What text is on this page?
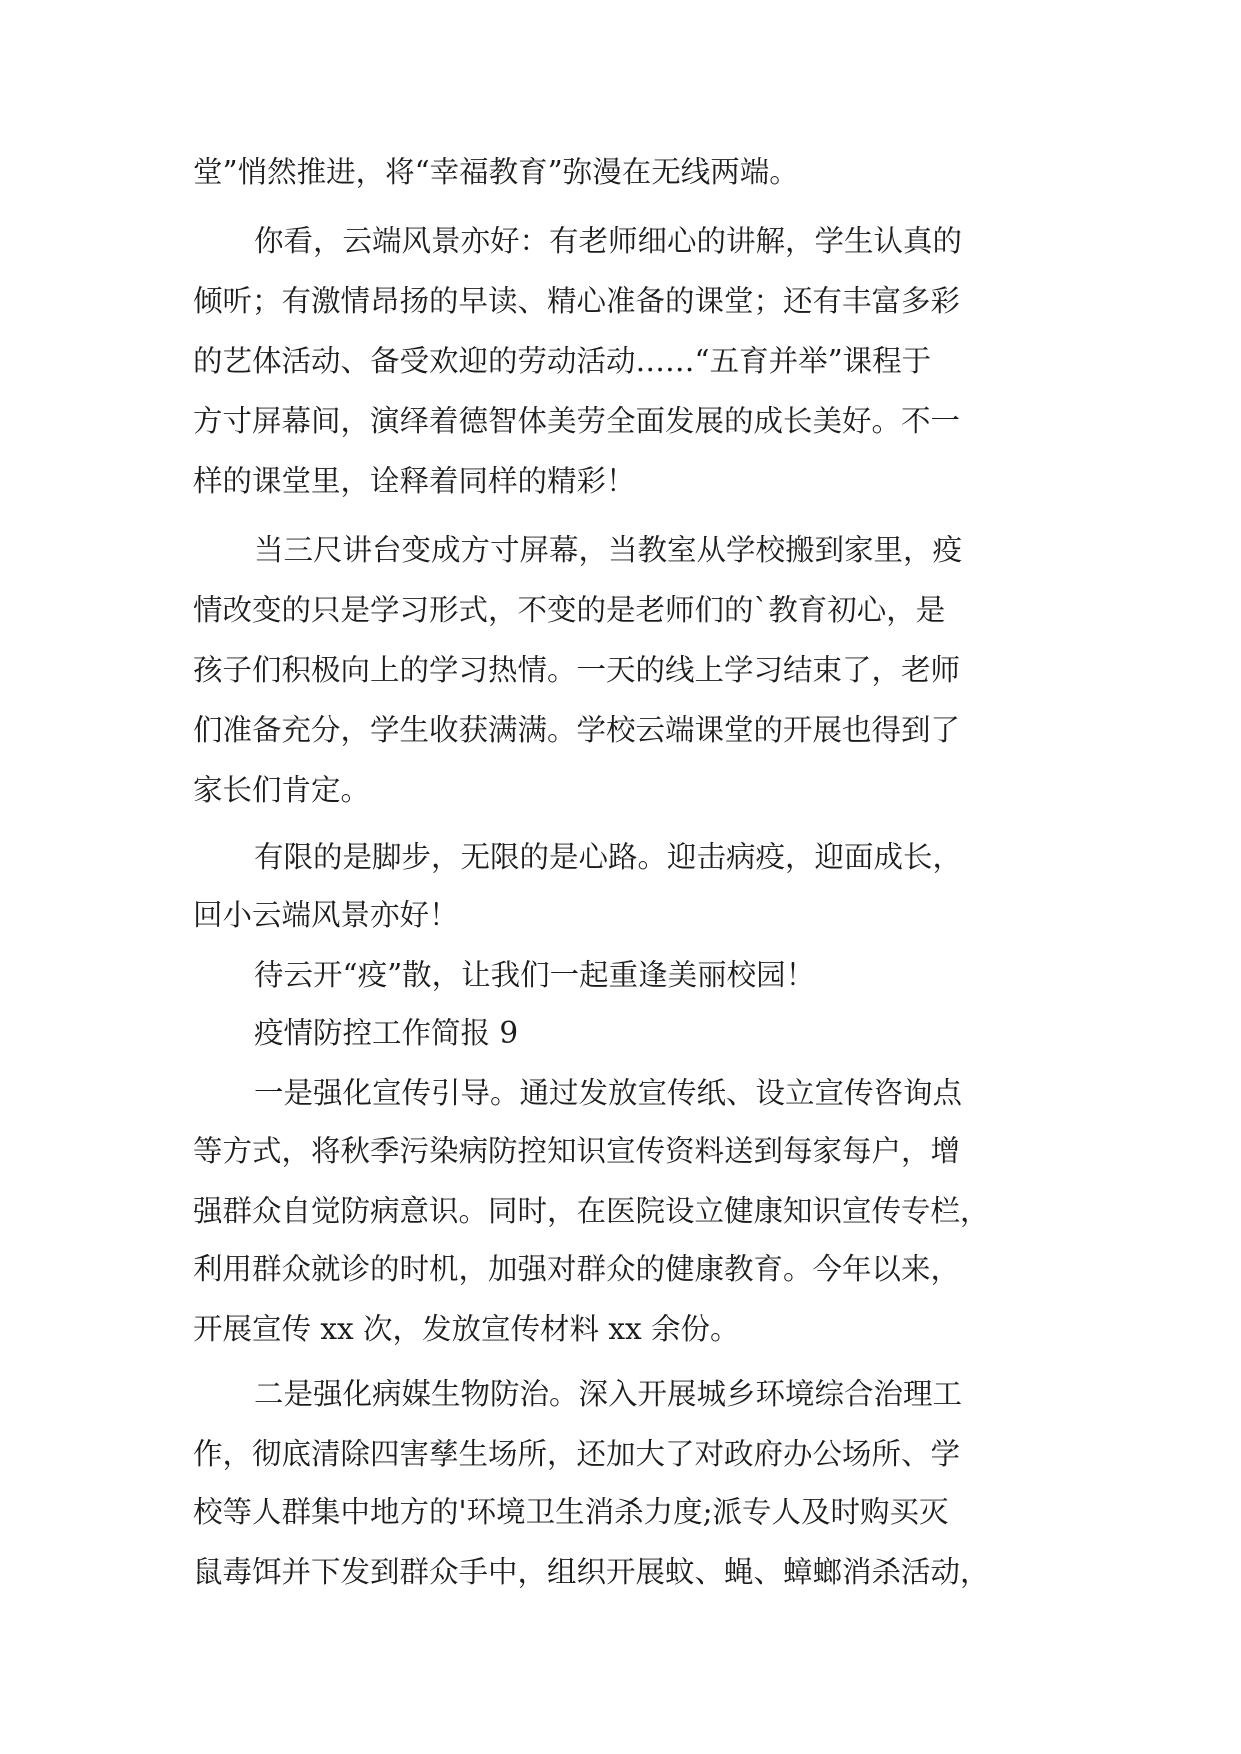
堂”悄然推进，将“幸福教育”弥漫在无线两端。
你看，云端风景亦好：有老师细心的讲解，学生认真的
倾听；有激情昂扬的早读、精心准备的课堂；还有丰富多彩
的艺体活动、备受欢迎的劳动活动……“五育并举”课程于
方寸屏幕间，演绎着德智体美劳全面发展的成长美好。不一
样的课堂里，诠释着同样的精彩！
当三尺讲台变成方寸屏幕，当教室从学校搬到家里，疫
情改变的只是学习形式，不变的是老师们的`教育初心，是
孩子们积极向上的学习热情。一天的线上学习结束了，老师
们准备充分，学生收获满满。学校云端课堂的开展也得到了
家长们肯定。
有限的是脚步，无限的是心路。迎击病疫，迎面成长，
回小云端风景亦好！
待云开“疫”散，让我们一起重逢美丽校园！
疫情防控工作简报 9
一是强化宣传引导。通过发放宣传纸、设立宣传咨询点
等方式，将秋季污染病防控知识宣传资料送到每家每户，增
强群众自觉防病意识。同时，在医院设立健康知识宣传专栏，
利用群众就诊的时机，加强对群众的健康教育。今年以来，
开展宣传 xx 次，发放宣传材料 xx 余份。
二是强化病媒生物防治。深入开展城乡环境综合治理工
作，彻底清除四害孳生场所，还加大了对政府办公场所、学
校等人群集中地方的'环境卫生消杀力度;派专人及时购买灭
鼠毒饵并下发到群众手中，组织开展蚊、蝇、蟑螂消杀活动，
